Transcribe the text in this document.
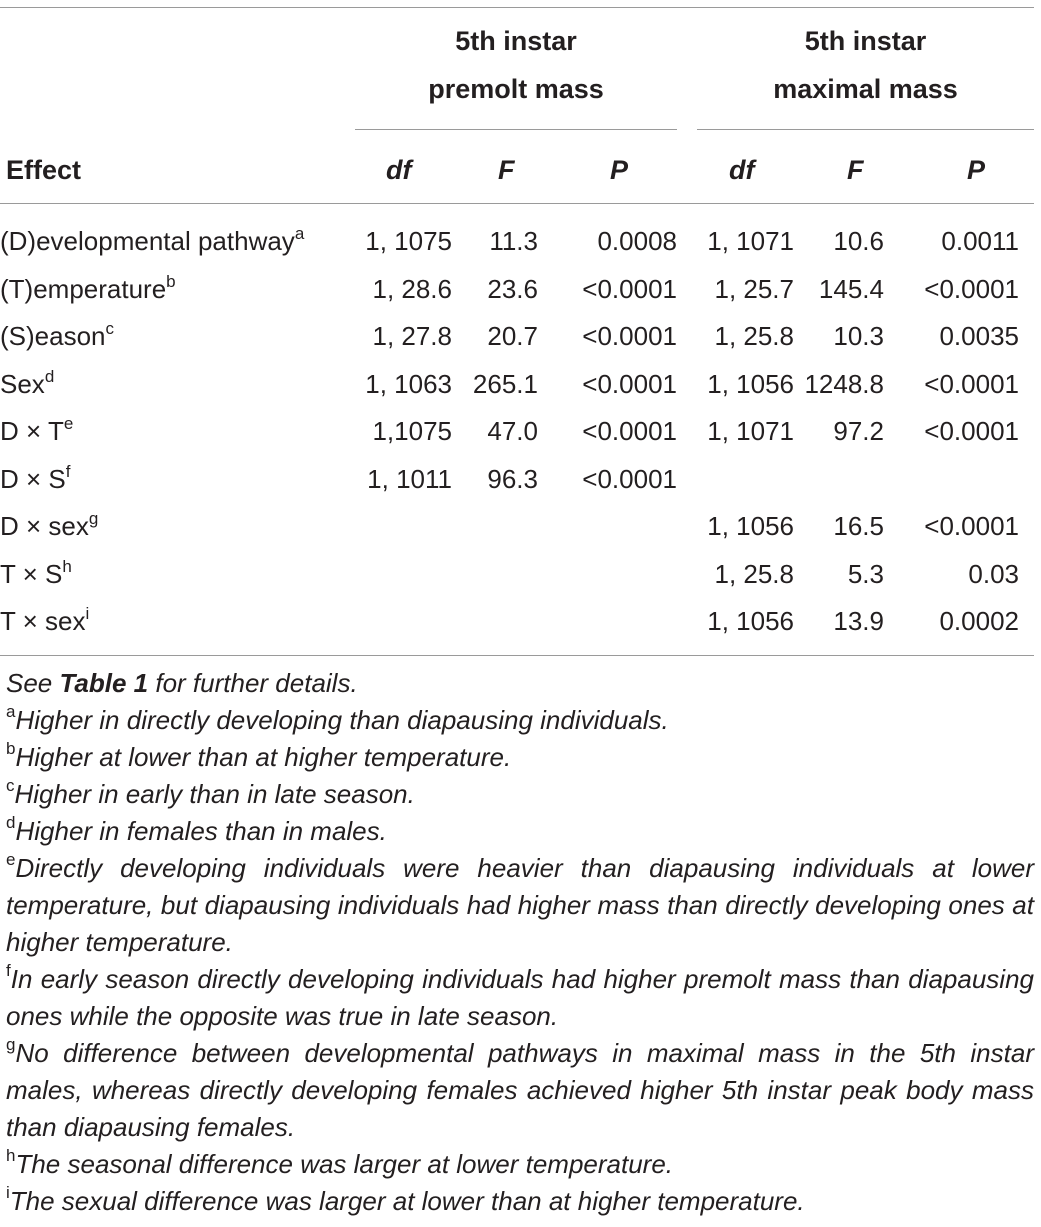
5th instar
premolt mass
5th instar
maximal mass
Effect	df	F	P	df	F	P
(D)evelopmental pathway$^a$	1, 1075	11.3	0.0008	1, 1071	10.6	0.0011
(T)emperature$^b$	1, 28.6	23.6	<0.0001	1, 25.7	145.4	<0.0001
(S)eason$^c$	1, 27.8	20.7	<0.0001	1, 25.8	10.3	0.0035
Sex$^d$	1, 1063	265.1	<0.0001	1, 1056	1248.8	<0.0001
$D \times T^e$	1,1075	47.0	<0.0001	1, 1071	97.2	<0.0001
$D \times S^f$	1, 1011	96.3	<0.0001			
D × sex$^g$				1, 1056	16.5	<0.0001
$T \times S^h$				1, 25.8	5.3	0.03
T × sex$^i$				1, 1056	13.9	0.0002

See Table 1 for further details.

$^a$Higher in directly developing than diapausing individuals.

$^b$Higher at lower than at higher temperature.

$^c$Higher in early than in late season.

$^d$Higher in females than in males.

$^e$Directly developing individuals were heavier than diapausing individuals at lower temperature, but diapausing individuals had higher mass than directly developing ones at higher temperature.

$^f$In early season directly developing individuals had higher premolt mass than diapausing ones while the opposite was true in late season.

$^g$No difference between developmental pathways in maximal mass in the 5th instar males, whereas directly developing females achieved higher 5th instar peak body mass than diapausing females.

$^h$The seasonal difference was larger at lower temperature.

$^i$The sexual difference was larger at lower than at higher temperature.
